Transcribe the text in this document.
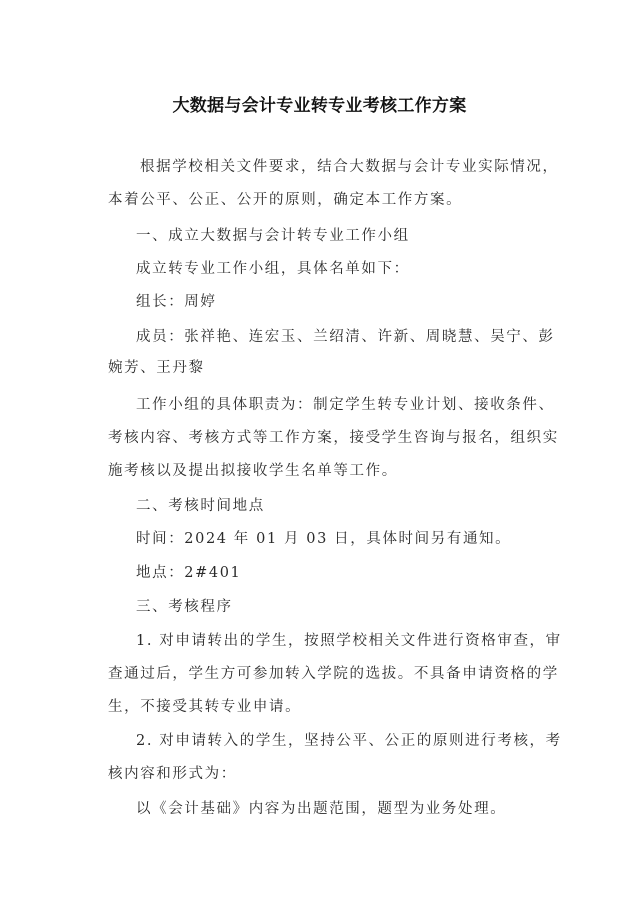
大数据与会计专业转专业考核工作方案
根据学校相关文件要求，结合大数据与会计专业实际情况，
本着公平、公正、公开的原则，确定本工作方案。
一、成立大数据与会计转专业工作小组
成立转专业工作小组，具体名单如下：
组长：周婷
成员：张祥艳、连宏玉、兰绍清、许新、周晓慧、吴宁、彭
婉芳、王丹黎
工作小组的具体职责为：制定学生转专业计划、接收条件、
考核内容、考核方式等工作方案，接受学生咨询与报名，组织实
施考核以及提出拟接收学生名单等工作。
二、考核时间地点
时间：2024 年 01 月 03 日，具体时间另有通知。
地点：2#401
三、考核程序
1. 对申请转出的学生，按照学校相关文件进行资格审查，审
查通过后，学生方可参加转入学院的选拔。不具备申请资格的学
生，不接受其转专业申请。
2. 对申请转入的学生，坚持公平、公正的原则进行考核，考
核内容和形式为：
以《会计基础》内容为出题范围，题型为业务处理。
